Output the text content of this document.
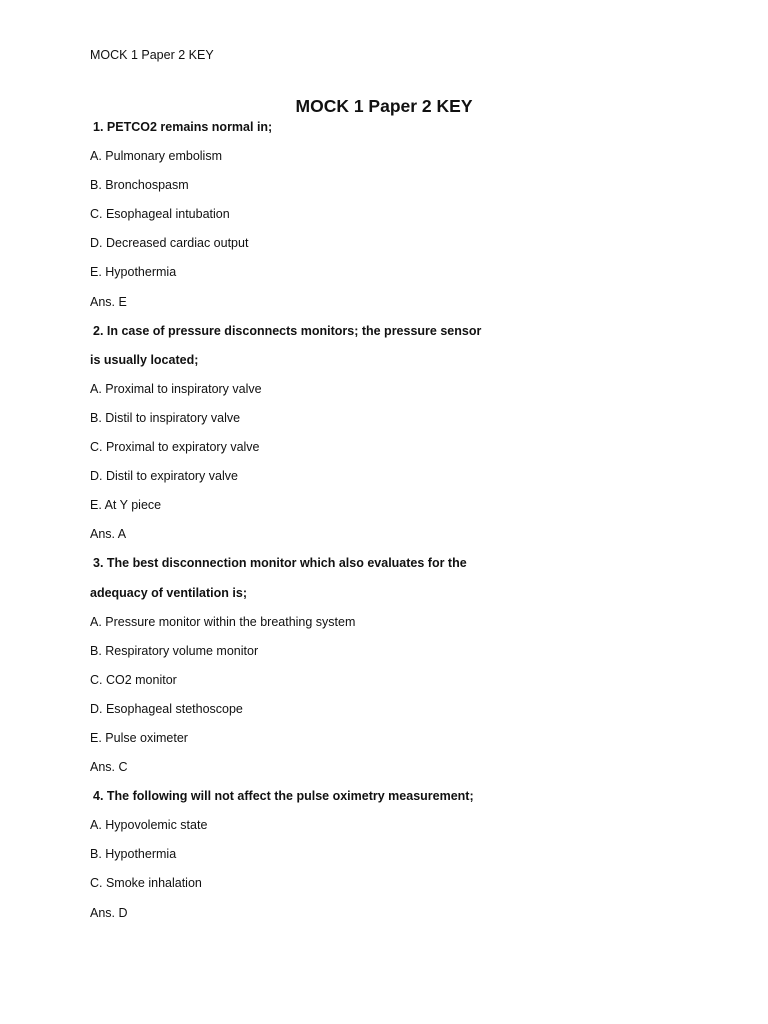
MOCK 1 Paper 2 KEY
MOCK 1 Paper 2 KEY
1. PETCO2 remains normal in;
A. Pulmonary embolism
B. Bronchospasm
C. Esophageal intubation
D. Decreased cardiac output
E. Hypothermia
Ans. E
2. In case of pressure disconnects monitors; the pressure sensor
is usually located;
A. Proximal to inspiratory valve
B. Distil to inspiratory valve
C. Proximal to expiratory valve
D. Distil to expiratory valve
E. At Y piece
Ans. A
3. The best disconnection monitor which also evaluates for the
adequacy of ventilation is;
A. Pressure monitor within the breathing system
B. Respiratory volume monitor
C. CO2 monitor
D. Esophageal stethoscope
E. Pulse oximeter
Ans. C
4. The following will not affect the pulse oximetry measurement;
A. Hypovolemic state
B. Hypothermia
C. Smoke inhalation
Ans. D
